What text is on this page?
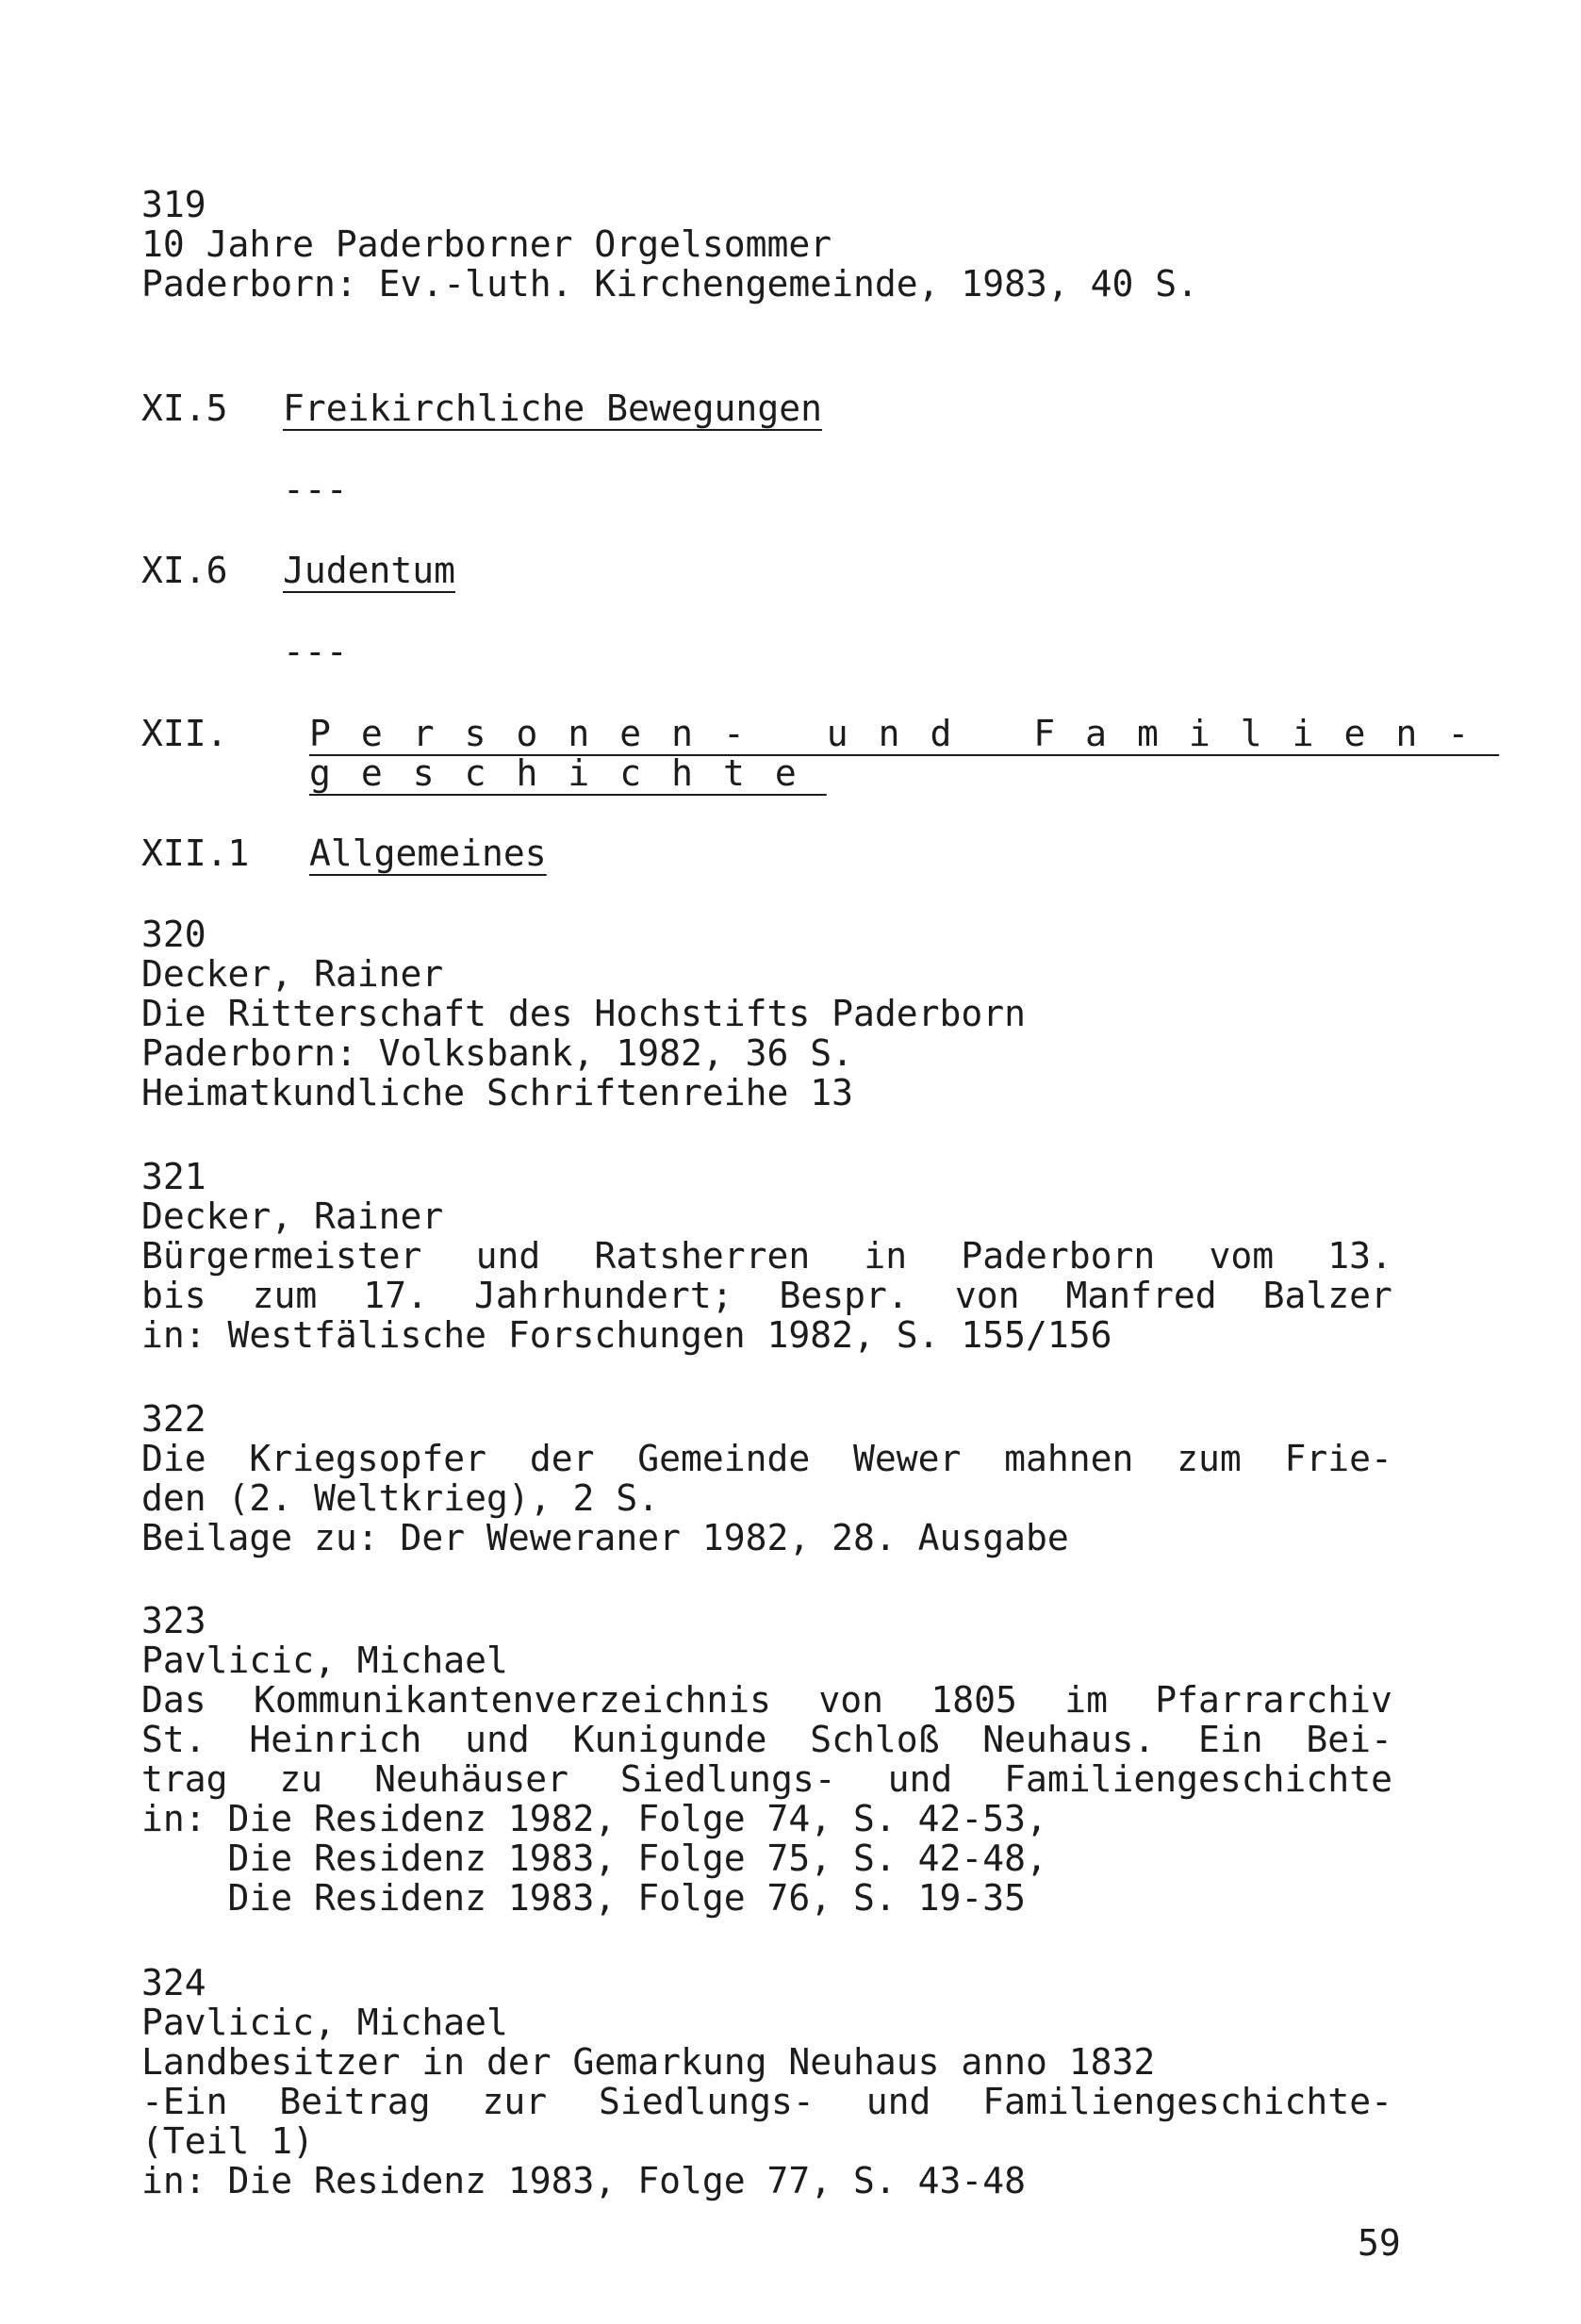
319
10 Jahre Paderborner Orgelsommer
Paderborn: Ev.-luth. Kirchengemeinde, 1983, 40 S.
XI.5 Freikirchliche Bewegungen
---
XI.6 Judentum
---
XII. Personen- und Familien-
geschichte
XII.1 Allgemeines
320
Decker, Rainer
Die Ritterschaft des Hochstifts Paderborn
Paderborn: Volksbank, 1982, 36 S.
Heimatkundliche Schriftenreihe 13
321
Decker, Rainer
Bürgermeister und Ratsherren in Paderborn vom 13.
bis zum 17. Jahrhundert; Bespr. von Manfred Balzer
in: Westfälische Forschungen 1982, S. 155/156
322
Die Kriegsopfer der Gemeinde Wewer mahnen zum Frie-
den (2. Weltkrieg), 2 S.
Beilage zu: Der Weweraner 1982, 28. Ausgabe
323
Pavlicic, Michael
Das Kommunikantenverzeichnis von 1805 im Pfarrarchiv
St. Heinrich und Kunigunde Schloß Neuhaus. Ein Bei-
trag zu Neuhäuser Siedlungs- und Familiengeschichte
in: Die Residenz 1982, Folge 74, S. 42-53,
Die Residenz 1983, Folge 75, S. 42-48,
Die Residenz 1983, Folge 76, S. 19-35
324
Pavlicic, Michael
Landbesitzer in der Gemarkung Neuhaus anno 1832
-Ein Beitrag zur Siedlungs- und Familiengeschichte-
(Teil 1)
in: Die Residenz 1983, Folge 77, S. 43-48
59
